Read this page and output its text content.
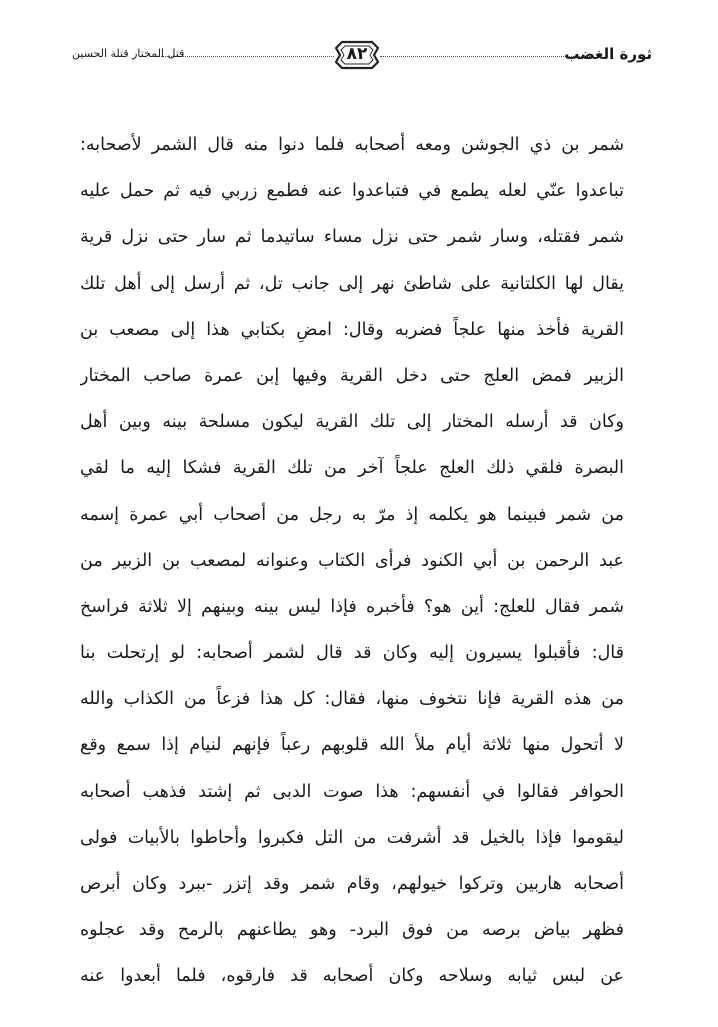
قتل المختار قتلة الحسين	٨٢	ثورة الغضب
شمر بن ذي الجوشن ومعه أصحابه فلما دنوا منه قال الشمر لأصحابه:
تباعدوا عنّي لعله يطمع في فتباعدوا عنه فطمع زربي فيه ثم حمل عليه
شمر فقتله، وسار شمر حتى نزل مساء ساتيدما ثم سار حتى نزل قرية
يقال لها الكلتانية على شاطئ نهر إلى جانب تل، ثم أرسل إلى أهل تلك
القرية فأخذ منها علجاً فضربه وقال: امضِ بكتابي هذا إلى مصعب بن
الزبير فمض العلج حتى دخل القرية وفيها إبن عمرة صاحب المختار
وكان قد أرسله المختار إلى تلك القرية ليكون مسلحة بينه وبين أهل
البصرة فلقي ذلك العلج علجاً آخر من تلك القرية فشكا إليه ما لقي
من شمر فبينما هو يكلمه إذ مرّ به رجل من أصحاب أبي عمرة إسمه
عبد الرحمن بن أبي الكنود فرأى الكتاب وعنوانه لمصعب بن الزبير من
شمر فقال للعلج: أين هو؟ فأخبره فإذا ليس بينه وبينهم إلا ثلاثة فراسخ
قال: فأقبلوا يسيرون إليه وكان قد قال لشمر أصحابه: لو إرتحلت بنا
من هذه القرية فإنا نتخوف منها، فقال: كل هذا فزعاً من الكذاب والله
لا أتحول منها ثلاثة أيام ملأ الله قلوبهم رعباً فإنهم لنيام إذا سمع وقع
الحوافر فقالوا في أنفسهم: هذا صوت الدبى ثم إشتد فذهب أصحابه
ليقوموا فإذا بالخيل قد أشرفت من التل فكبروا وأحاطوا بالأبيات فولى
أصحابه هاربين وتركوا خيولهم، وقام شمر وقد إتزر -ببرد وكان أبرص
فظهر بياض برصه من فوق البرد- وهو يطاعنهم بالرمح وقد عجلوه
عن لبس ثيابه وسلاحه وكان أصحابه قد فارقوه، فلما أبعدوا عنه
